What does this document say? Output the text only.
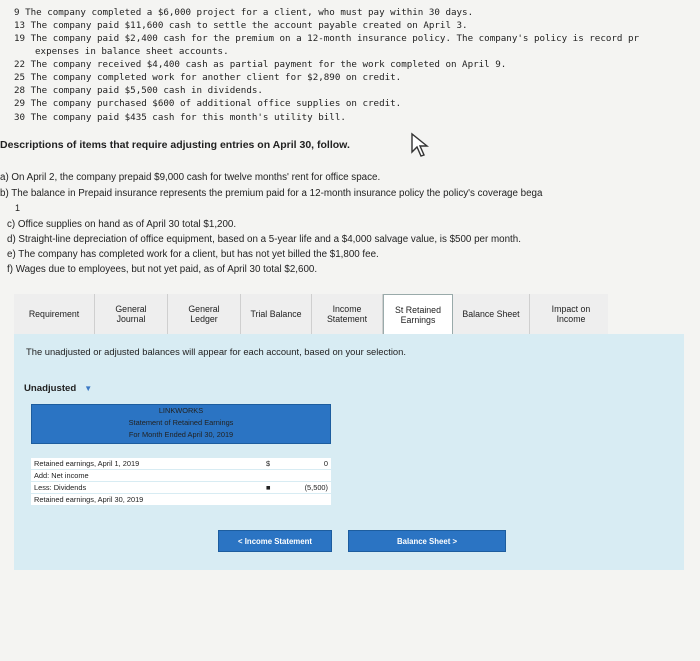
9 The company completed a $6,000 project for a client, who must pay within 30 days.
13 The company paid $11,600 cash to settle the account payable created on April 3.
19 The company paid $2,400 cash for the premium on a 12-month insurance policy. The company's policy is record pr
expenses in balance sheet accounts.
22 The company received $4,400 cash as partial payment for the work completed on April 9.
25 The company completed work for another client for $2,890 on credit.
28 The company paid $5,500 cash in dividends.
29 The company purchased $600 of additional office supplies on credit.
30 The company paid $435 cash for this month's utility bill.
Descriptions of items that require adjusting entries on April 30, follow.
a) On April 2, the company prepaid $9,000 cash for twelve months' rent for office space.
b) The balance in Prepaid insurance represents the premium paid for a 12-month insurance policy the policy's coverage bega
1
c) Office supplies on hand as of April 30 total $1,200.
d) Straight-line depreciation of office equipment, based on a 5-year life and a $4,000 salvage value, is $500 per month.
e) The company has completed work for a client, but has not yet billed the $1,800 fee.
f) Wages due to employees, but not yet paid, as of April 30 total $2,600.
Requirement	General
Journal
General
Ledger	Trial Balance	Income
Statement
St Retained
Earnings
Balance Sheet	Impact on
Income
The unadjusted or adjusted balances will appear for each account, based on your selection.
Unadjusted ▼
LINKWORKS
Statement of Retained Earnings
For Month Ended April 30, 2019
Retained earnings, April 1, 2019	$	0
Add: Net income
Less: Dividends	■	(5,500)
Retained earnings, April 30, 2019
< Income Statement	Balance Sheet >
